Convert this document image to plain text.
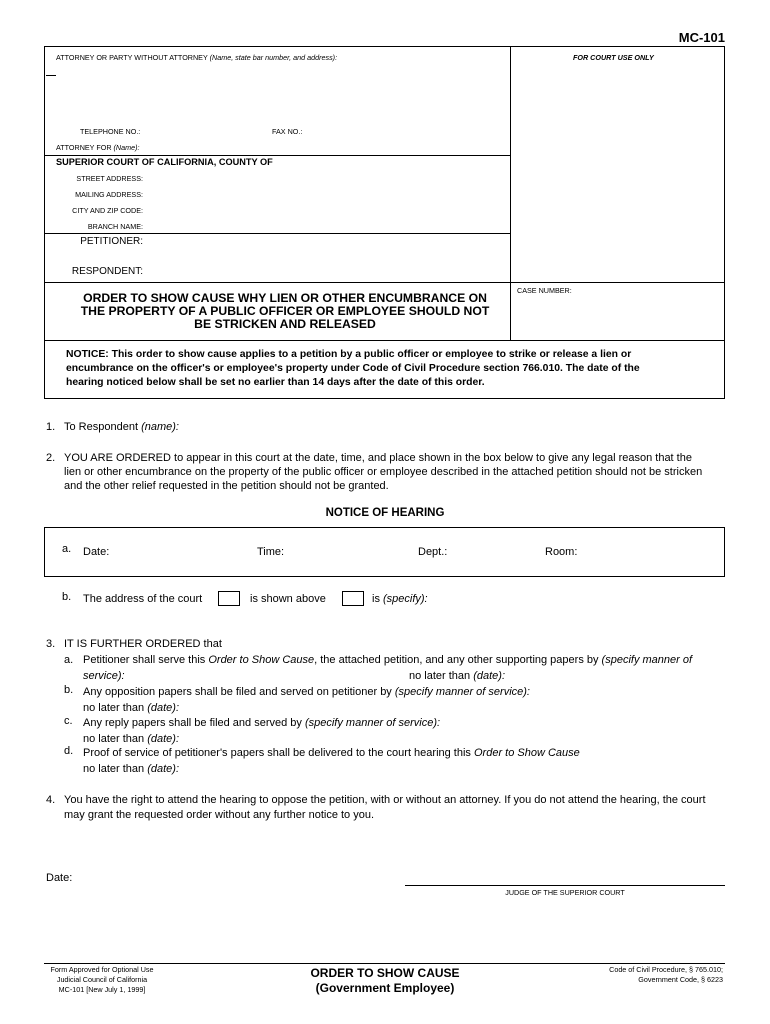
MC-101
ATTORNEY OR PARTY WITHOUT ATTORNEY (Name, state bar number, and address):	FOR COURT USE ONLY
TELEPHONE NO.:	FAX NO.:
ATTORNEY FOR (Name):
SUPERIOR COURT OF CALIFORNIA, COUNTY OF
STREET ADDRESS:
MAILING ADDRESS:
CITY AND ZIP CODE:
BRANCH NAME:
PETITIONER:
RESPONDENT:
CASE NUMBER:
ORDER TO SHOW CAUSE WHY LIEN OR OTHER ENCUMBRANCE ON
THE PROPERTY OF A PUBLIC OFFICER OR EMPLOYEE SHOULD NOT
BE STRICKEN AND RELEASED
NOTICE: This order to show cause applies to a petition by a public officer or employee to strike or release a lien or
encumbrance on the officer's or employee's property under Code of Civil Procedure section 766.010. The date of the
hearing noticed below shall be set no earlier than 14 days after the date of this order.
1. To Respondent (name):
2. YOU ARE ORDERED to appear in this court at the date, time, and place shown in the box below to give any legal reason that the
lien or other encumbrance on the property of the public officer or employee described in the attached petition should not be stricken
and the other relief requested in the petition should not be granted.
NOTICE OF HEARING
a. Date:	Time:	Dept.:	Room:
b. The address of the court	is shown above	is (specify):
3. IT IS FURTHER ORDERED that
a. Petitioner shall serve this Order to Show Cause, the attached petition, and any other supporting papers by (specify manner of
service):	no later than (date):
b. Any opposition papers shall be filed and served on petitioner by (specify manner of service):
no later than (date):
c. Any reply papers shall be filed and served by (specify manner of service):
no later than (date):
d. Proof of service of petitioner's papers shall be delivered to the court hearing this Order to Show Cause
no later than (date):
4. You have the right to attend the hearing to oppose the petition, with or without an attorney. If you do not attend the hearing, the court
may grant the requested order without any further notice to you.
Date:
JUDGE OF THE SUPERIOR COURT
Form Approved for Optional Use
Judicial Council of California
MC-101 [New July 1, 1999]
ORDER TO SHOW CAUSE
(Government Employee)
Code of Civil Procedure, § 765.010;
Government Code, § 6223
